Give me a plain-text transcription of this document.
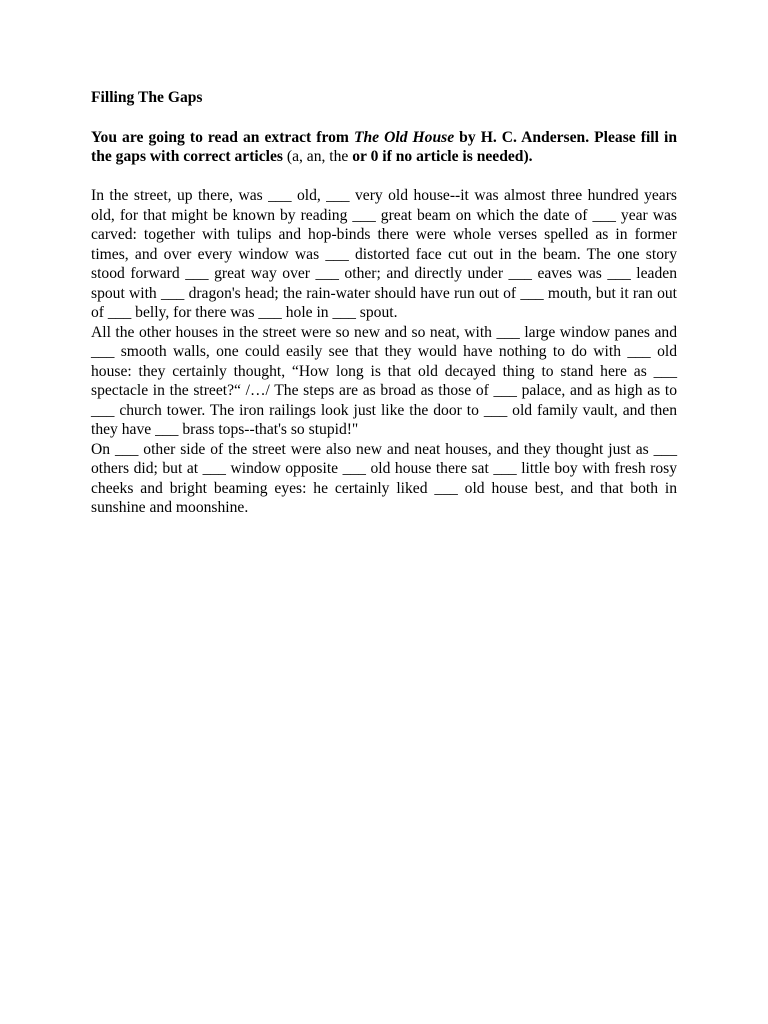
Filling The Gaps

You are going to read an extract from The Old House by H. C. Andersen. Please fill in the gaps with correct articles (a, an, the or 0 if no article is needed).

In the street, up there, was ___ old, ___ very old house--it was almost three hundred years old, for that might be known by reading ___ great beam on which the date of ___ year was carved: together with tulips and hop-binds there were whole verses spelled as in former times, and over every window was ___ distorted face cut out in the beam. The one story stood forward ___ great way over ___ other; and directly under ___ eaves was ___ leaden spout with ___ dragon's head; the rain-water should have run out of ___ mouth, but it ran out of ___ belly, for there was ___ hole in ___ spout.

All the other houses in the street were so new and so neat, with ___ large window panes and ___ smooth walls, one could easily see that they would have nothing to do with ___ old house: they certainly thought, “How long is that old decayed thing to stand here as ___ spectacle in the street?“ /…/ The steps are as broad as those of ___ palace, and as high as to ___ church tower. The iron railings look just like the door to ___ old family vault, and then they have ___ brass tops--that's so stupid!"

On ___ other side of the street were also new and neat houses, and they thought just as ___ others did; but at ___ window opposite ___ old house there sat ___ little boy with fresh rosy cheeks and bright beaming eyes: he certainly liked ___ old house best, and that both in sunshine and moonshine.
